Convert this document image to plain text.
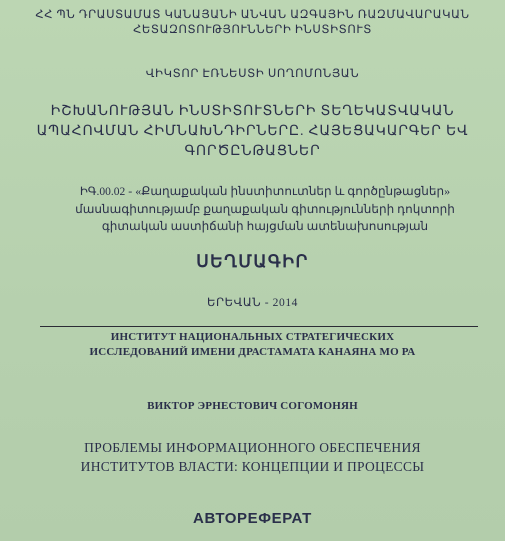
ՀՀ ՊՆ ԴՐԱՍՏԱՄԱՏ ԿԱՆԱՅԱՆԻ ԱՆՎԱՆ ԱԶԳԱՅԻՆ ՌԱԶՄԱՎԱՐԱԿԱՆ
ՀԵՏԱԶՈՏՈՒԹՅՈՒՆՆԵՐԻ ԻՆՍՏԻՏՈՒՏ
ՎԻԿՏՈՐ ԷՌՆԵՍՏԻ ՍՈՂՈՄՈՆՅԱՆ
ԻՇԽԱՆՈՒԹՅԱՆ ԻՆՍՏԻՏՈՒՏՆԵՐԻ ՏԵՂԵԿԱՏՎԱԿԱՆ
ԱՊԱՀՈՎՄԱՆ ՀԻՄՆԱԽՆԴԻՐՆԵՐԸ. ՀԱՅԵՑԱԿԱՐԳԵՐ ԵՎ
ԳՈՐԾԸՆԹԱՑՆԵՐ
ԻԳ.00.02 - «Քաղաքական ինստիտուտներ և գործընթացներ»
մասնագիտությամբ քաղաքական գիտությունների դոկտորի
գիտական աստիճանի հայցման ատենախոսության
ՍԵՂՄԱԳԻՐ
ԵՐԵՎԱՆ - 2014
ИНСТИТУТ НАЦИОНАЛЬНЫХ СТРАТЕГИЧЕСКИХ
ИССЛЕДОВАНИЙ ИМЕНИ ДРАСТАМАТА КАНАЯНА МО РА
ВИКТОР ЭРНЕСТОВИЧ СОГОМОНЯН
ПРОБЛЕМЫ ИНФОРМАЦИОННОГО ОБЕСПЕЧЕНИЯ
ИНСТИТУТОВ ВЛАСТИ: КОНЦЕПЦИИ И ПРОЦЕССЫ
АВТОРЕФЕРАТ
